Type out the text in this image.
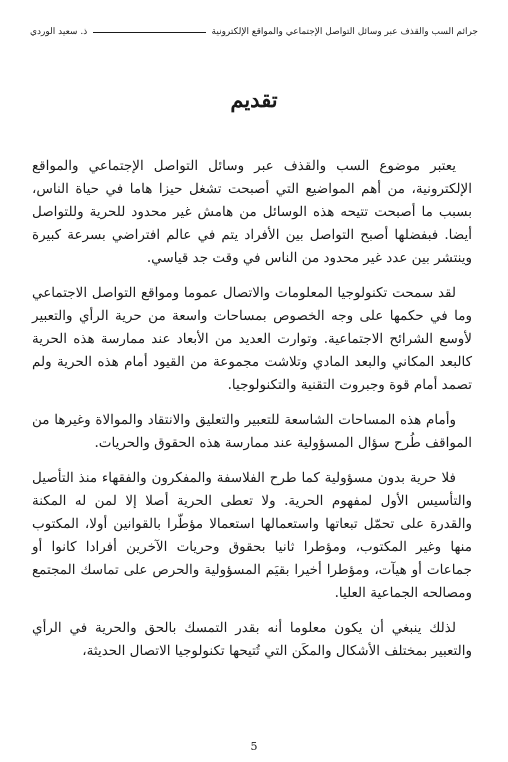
جرائم السب والقذف عبر وسائل التواصل الإجتماعي والمواقع الإلكترونية
ذ. سعيد الوردي
تقديم

يعتبر موضوع السب والقذف عبر وسائل التواصل الإجتماعي والمواقع الإلكترونية، من أهم المواضيع التي أصبحت تشغل حيزا هاما في حياة الناس، بسبب ما أصبحت تتيحه هذه الوسائل من هامش غير محدود للحرية وللتواصل أيضا. فبفضلها أصبح التواصل بين الأفراد يتم في عالم افتراضي بسرعة كبيرة وينتشر بين عدد غير محدود من الناس في وقت جد قياسي.

لقد سمحت تكنولوجيا المعلومات والاتصال عموما ومواقع التواصل الاجتماعي وما في حكمها على وجه الخصوص بمساحات واسعة من حرية الرأي والتعبير لأوسع الشرائح الاجتماعية. وتوارت العديد من الأبعاد عند ممارسة هذه الحرية كالبعد المكاني والبعد المادي وتلاشت مجموعة من القيود أمام هذه الحرية ولم تصمد أمام قوة وجبروت التقنية والتكنولوجيا.

وأمام هذه المساحات الشاسعة للتعبير والتعليق والانتقاد والموالاة وغيرها من المواقف طُرح سؤال المسؤولية عند ممارسة هذه الحقوق والحريات.

فلا حرية بدون مسؤولية كما طرح الفلاسفة والمفكرون والفقهاء منذ التأصيل والتأسيس الأول لمفهوم الحرية. ولا تعطى الحرية أصلا إلا لمن له المكنة والقدرة على تحمّل تبعاتها واستعمالها استعمالا مؤطّرا بالقوانين أولا، المكتوب منها وغير المكتوب، ومؤطرا ثانيا بحقوق وحريات الآخرين أفرادا كانوا أو جماعات أو هيآت، ومؤطرا أخيرا بقيَم المسؤولية والحرص على تماسك المجتمع ومصالحه الجماعية العليا.

لذلك ينبغي أن يكون معلوما أنه بقدر التمسك بالحق والحرية في الرأي والتعبير بمختلف الأشكال والمكَن التي تُتيحها تكنولوجيا الاتصال الحديثة،

5
